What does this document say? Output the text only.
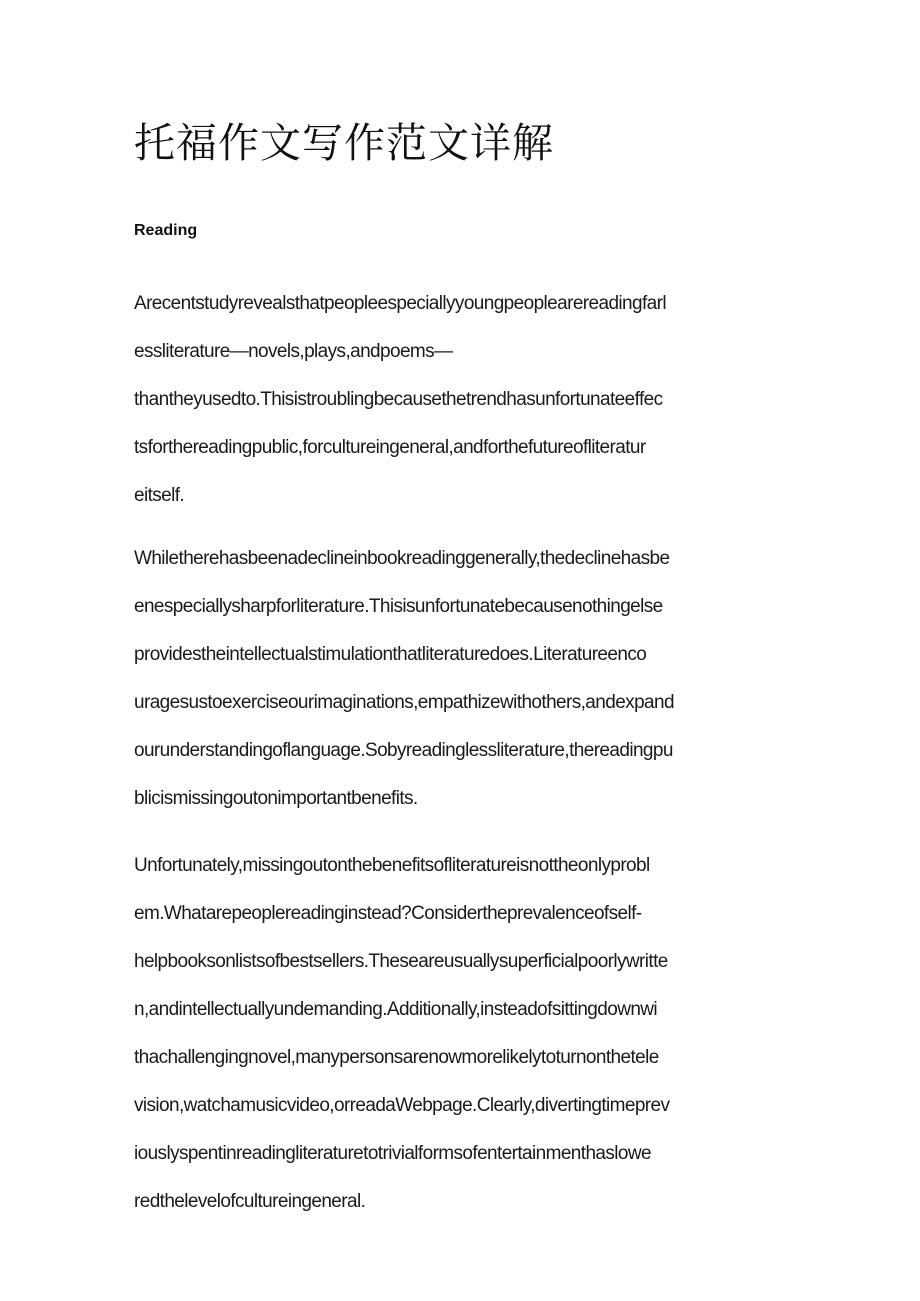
托福作文写作范文详解
Reading

Arecentstudyrevealsthatpeopleespeciallyyoungpeoplearereadingfarl
essliterature—novels,plays,andpoems—
thantheyusedto.Thisistroublingbecausethetrendhasunfortunateeffec
tsforthereadingpublic,forcultureingeneral,andforthefutureofliteratur
eitself.

Whiletherehasbeenadeclineinbookreadinggenerally,thedeclinehasbe
enespeciallysharpforliterature.Thisisunfortunatebecausenothingelse
providestheintellectualstimulationthatliteraturedoes.Literatureenco
uragesustoexerciseourimaginations,empathizewithothers,andexpand
ourunderstandingoflanguage.Sobyreadinglessliterature,thereadingpu
blicismissingoutonimportantbenefits.

Unfortunately,missingoutonthebenefitsofliteratureisnottheonlyprobl
em.Whatarepeoplereadinginstead?Considertheprevalenceofself-
helpbooksonlistsofbestsellers.Theseareusuallysuperficialpoorlywritte
n,andintellectuallyundemanding.Additionally,insteadofsittingdownwi
thachallengingnovel,manypersonsarenowmorelikelytoturnonthetele
vision,watchamusicvideo,orreadaWebpage.Clearly,divertingtimeprev
iouslyspentinreadingliteraturetotrivialformsofentertainmenthaslowe
redthelevelofcultureingeneral.
